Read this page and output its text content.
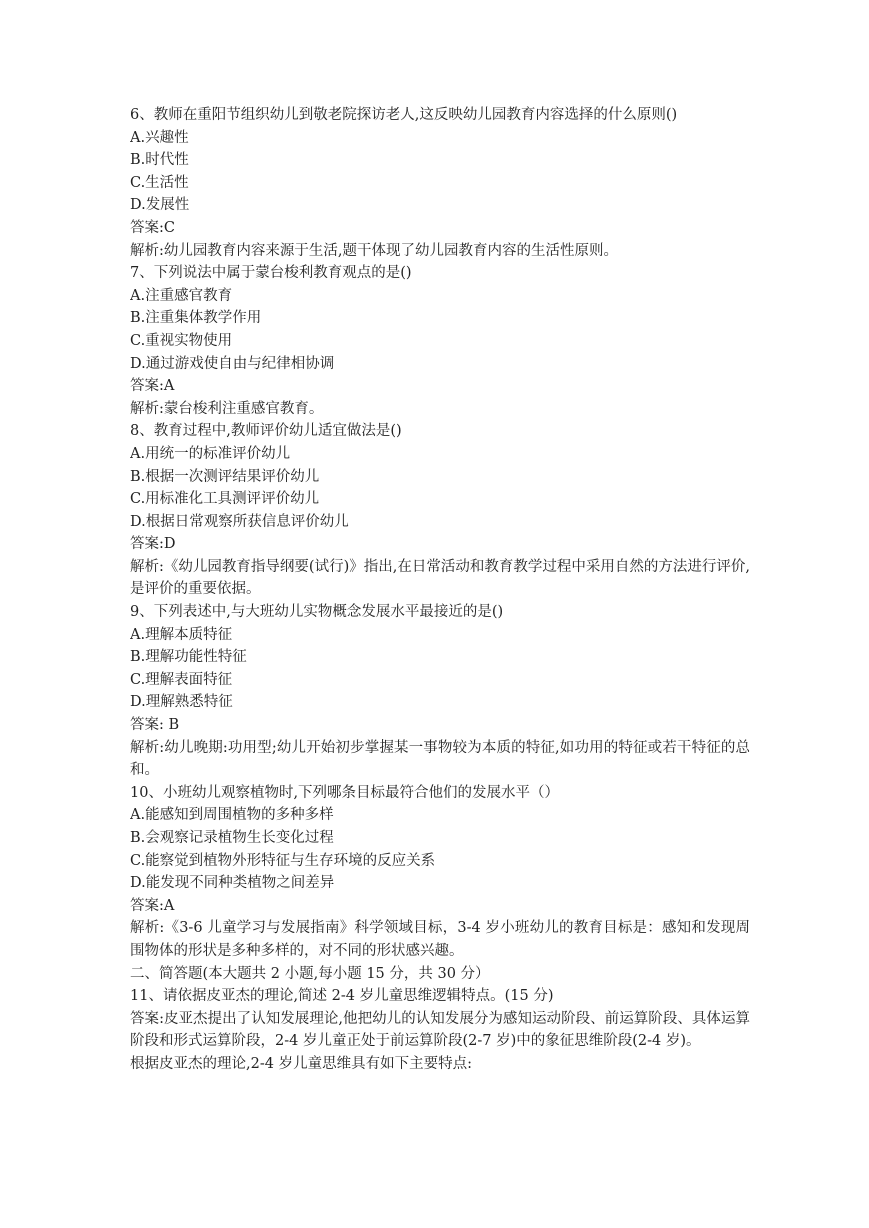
6、教师在重阳节组织幼儿到敬老院探访老人,这反映幼儿园教育内容选择的什么原则()
A.兴趣性
B.时代性
C.生活性
D.发展性
答案:C
解析:幼儿园教育内容来源于生活,题干体现了幼儿园教育内容的生活性原则。
7、下列说法中属于蒙台梭利教育观点的是()
A.注重感官教育
B.注重集体教学作用
C.重视实物使用
D.通过游戏使自由与纪律相协调
答案:A
解析:蒙台梭利注重感官教育。
8、教育过程中,教师评价幼儿适宜做法是()
A.用统一的标准评价幼儿
B.根据一次测评结果评价幼儿
C.用标准化工具测评评价幼儿
D.根据日常观察所获信息评价幼儿
答案:D
解析:《幼儿园教育指导纲要(试行)》指出,在日常活动和教育教学过程中采用自然的方法进行评价,是评价的重要依据。
9、下列表述中,与大班幼儿实物概念发展水平最接近的是()
A.理解本质特征
B.理解功能性特征
C.理解表面特征
D.理解熟悉特征
答案: B
解析:幼儿晚期:功用型;幼儿开始初步掌握某一事物较为本质的特征,如功用的特征或若干特征的总和。
10、小班幼儿观察植物时,下列哪条目标最符合他们的发展水平（）
A.能感知到周围植物的多种多样
B.会观察记录植物生长变化过程
C.能察觉到植物外形特征与生存环境的反应关系
D.能发现不同种类植物之间差异
答案:A
解析:《3-6 儿童学习与发展指南》科学领域目标，3-4 岁小班幼儿的教育目标是：感知和发现周围物体的形状是多种多样的，对不同的形状感兴趣。
二、简答题(本大题共 2 小题,每小题 15 分，共 30 分）
11、请依据皮亚杰的理论,简述 2-4 岁儿童思维逻辑特点。(15 分)
答案:皮亚杰提出了认知发展理论,他把幼儿的认知发展分为感知运动阶段、前运算阶段、具体运算阶段和形式运算阶段，2-4 岁儿童正处于前运算阶段(2-7 岁)中的象征思维阶段(2-4 岁)。
根据皮亚杰的理论,2-4 岁儿童思维具有如下主要特点:
